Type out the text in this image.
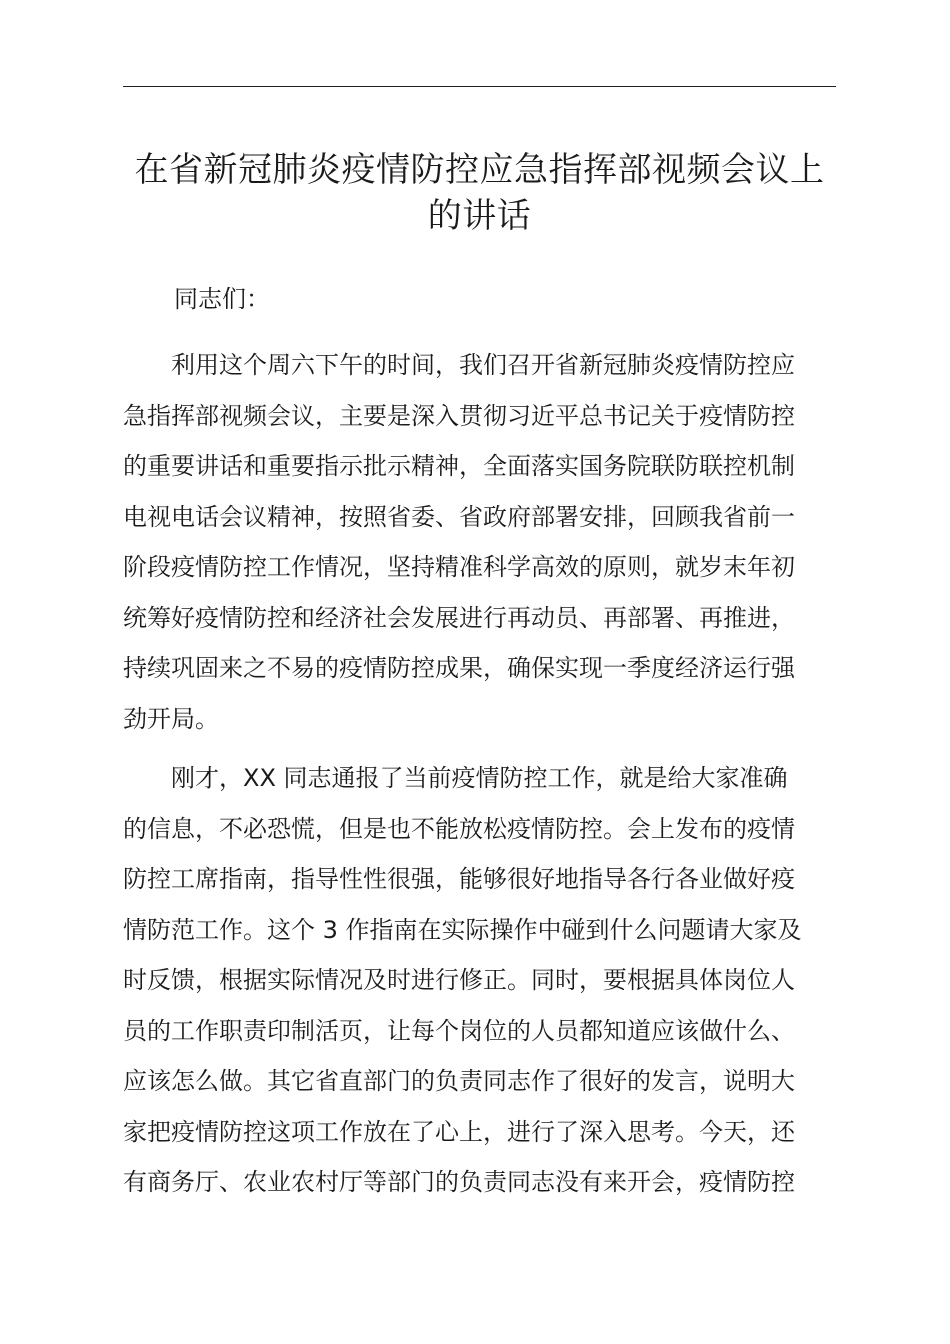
在省新冠肺炎疫情防控应急指挥部视频会议上
的讲话

同志们：

　　利用这个周六下午的时间，我们召开省新冠肺炎疫情防控应
急指挥部视频会议，主要是深入贯彻习近平总书记关于疫情防控
的重要讲话和重要指示批示精神，全面落实国务院联防联控机制
电视电话会议精神，按照省委、省政府部署安排，回顾我省前一
阶段疫情防控工作情况，坚持精准科学高效的原则，就岁末年初
统筹好疫情防控和经济社会发展进行再动员、再部署、再推进，
持续巩固来之不易的疫情防控成果，确保实现一季度经济运行强
劲开局。

　　刚才，XX 同志通报了当前疫情防控工作，就是给大家准确
的信息，不必恐慌，但是也不能放松疫情防控。会上发布的疫情
防控工席指南，指导性性很强，能够很好地指导各行各业做好疫
情防范工作。这个 3 作指南在实际操作中碰到什么问题请大家及
时反馈，根据实际情况及时进行修正。同时，要根据具体岗位人
员的工作职责印制活页，让每个岗位的人员都知道应该做什么、
应该怎么做。其它省直部门的负责同志作了很好的发言，说明大
家把疫情防控这项工作放在了心上，进行了深入思考。今天，还
有商务厅、农业农村厅等部门的负责同志没有来开会，疫情防控
